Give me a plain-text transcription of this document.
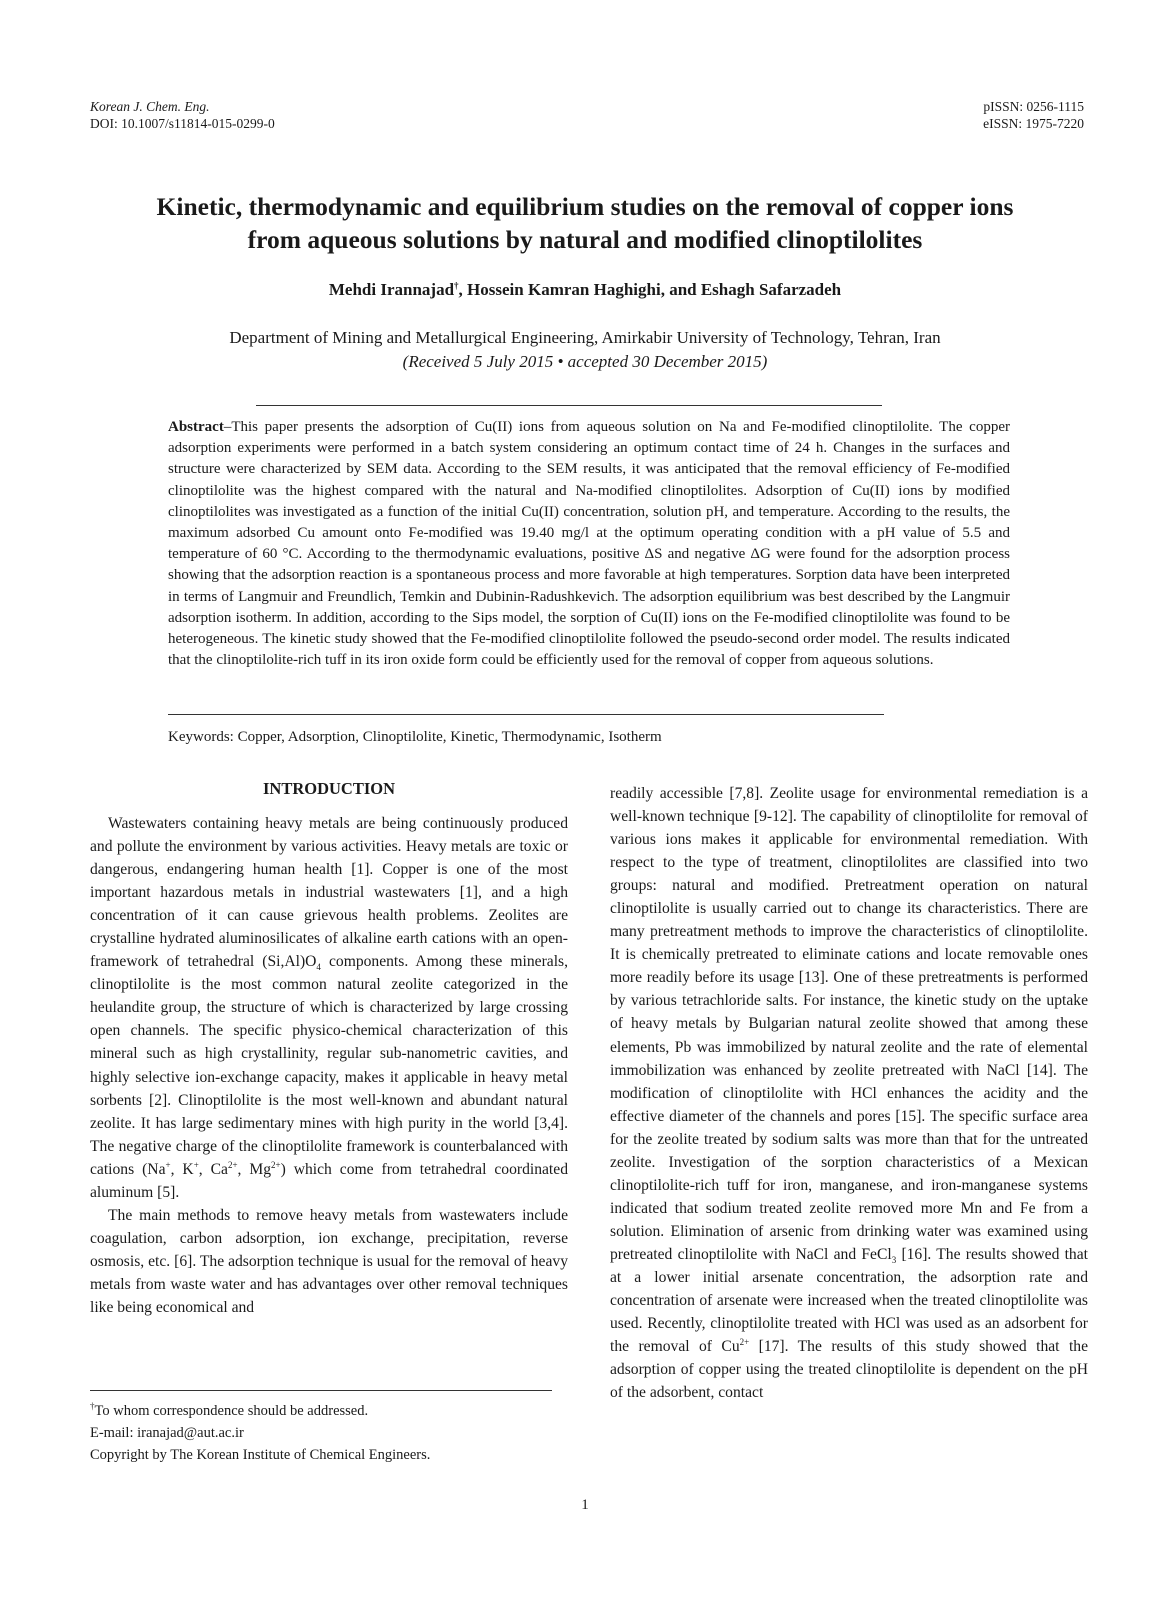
Korean J. Chem. Eng.
DOI: 10.1007/s11814-015-0299-0
pISSN: 0256-1115
eISSN: 1975-7220
Kinetic, thermodynamic and equilibrium studies on the removal of copper ions
from aqueous solutions by natural and modified clinoptilolites
Mehdi Irannajad†, Hossein Kamran Haghighi, and Eshagh Safarzadeh
Department of Mining and Metallurgical Engineering, Amirkabir University of Technology, Tehran, Iran
(Received 5 July 2015 • accepted 30 December 2015)
Abstract–This paper presents the adsorption of Cu(II) ions from aqueous solution on Na and Fe-modified clinoptilolite. The copper adsorption experiments were performed in a batch system considering an optimum contact time of 24 h. Changes in the surfaces and structure were characterized by SEM data. According to the SEM results, it was anticipated that the removal efficiency of Fe-modified clinoptilolite was the highest compared with the natural and Na-modified clinoptilolites. Adsorption of Cu(II) ions by modified clinoptilolites was investigated as a function of the initial Cu(II) concentration, solution pH, and temperature. According to the results, the maximum adsorbed Cu amount onto Fe-modified was 19.40 mg/l at the optimum operating condition with a pH value of 5.5 and temperature of 60 °C. According to the thermodynamic evaluations, positive ΔS and negative ΔG were found for the adsorption process showing that the adsorption reaction is a spontaneous process and more favorable at high temperatures. Sorption data have been interpreted in terms of Langmuir and Freundlich, Temkin and Dubinin-Radushkevich. The adsorption equilibrium was best described by the Langmuir adsorption isotherm. In addition, according to the Sips model, the sorption of Cu(II) ions on the Fe-modified clinoptilolite was found to be heterogeneous. The kinetic study showed that the Fe-modified clinoptilolite followed the pseudo-second order model. The results indicated that the clinoptilolite-rich tuff in its iron oxide form could be efficiently used for the removal of copper from aqueous solutions.
Keywords: Copper, Adsorption, Clinoptilolite, Kinetic, Thermodynamic, Isotherm
INTRODUCTION

Wastewaters containing heavy metals are being continuously produced and pollute the environment by various activities. Heavy metals are toxic or dangerous, endangering human health [1]. Copper is one of the most important hazardous metals in industrial wastewaters [1], and a high concentration of it can cause grievous health problems. Zeolites are crystalline hydrated aluminosilicates of alkaline earth cations with an open-framework of tetrahedral $(Si,Al)O_4$ components. Among these minerals, clinoptilolite is the most common natural zeolite categorized in the heulandite group, the structure of which is characterized by large crossing open channels. The specific physico-chemical characterization of this mineral such as high crystallinity, regular sub-nanometric cavities, and highly selective ion-exchange capacity, makes it applicable in heavy metal sorbents [2]. Clinoptilolite is the most well-known and abundant natural zeolite. It has large sedimentary mines with high purity in the world [3,4]. The negative charge of the clinoptilolite framework is counterbalanced with cations (Na+, K+, $Ca^{2+}$, $Mg^{2+}$) which come from tetrahedral coordinated aluminum [5].

The main methods to remove heavy metals from wastewaters include coagulation, carbon adsorption, ion exchange, precipitation, reverse osmosis, etc. [6]. The adsorption technique is usual for the removal of heavy metals from waste water and has advantages over other removal techniques like being economical and

readily accessible [7,8]. Zeolite usage for environmental remediation is a well-known technique [9-12]. The capability of clinoptilolite for removal of various ions makes it applicable for environmental remediation. With respect to the type of treatment, clinoptilolites are classified into two groups: natural and modified. Pretreatment operation on natural clinoptilolite is usually carried out to change its characteristics. There are many pretreatment methods to improve the characteristics of clinoptilolite. It is chemically pretreated to eliminate cations and locate removable ones more readily before its usage [13]. One of these pretreatments is performed by various tetrachloride salts. For instance, the kinetic study on the uptake of heavy metals by Bulgarian natural zeolite showed that among these elements, Pb was immobilized by natural zeolite and the rate of elemental immobilization was enhanced by zeolite pretreated with NaCl [14]. The modification of clinoptilolite with HCl enhances the acidity and the effective diameter of the channels and pores [15]. The specific surface area for the zeolite treated by sodium salts was more than that for the untreated zeolite. Investigation of the sorption characteristics of a Mexican clinoptilolite-rich tuff for iron, manganese, and iron-manganese systems indicated that sodium treated zeolite removed more Mn and Fe from a solution. Elimination of arsenic from drinking water was examined using pretreated clinoptilolite with NaCl and FeCl$_3$ [16]. The results showed that at a lower initial arsenate concentration, the adsorption rate and concentration of arsenate were increased when the treated clinoptilolite was used. Recently, clinoptilolite treated with HCl was used as an adsorbent for the removal of $Cu^{2+}$ [17]. The results of this study showed that the adsorption of copper using the treated clinoptilolite is dependent on the pH of the adsorbent, contact

†To whom correspondence should be addressed.
E-mail: iranajad@aut.ac.ir
Copyright by The Korean Institute of Chemical Engineers.
1
